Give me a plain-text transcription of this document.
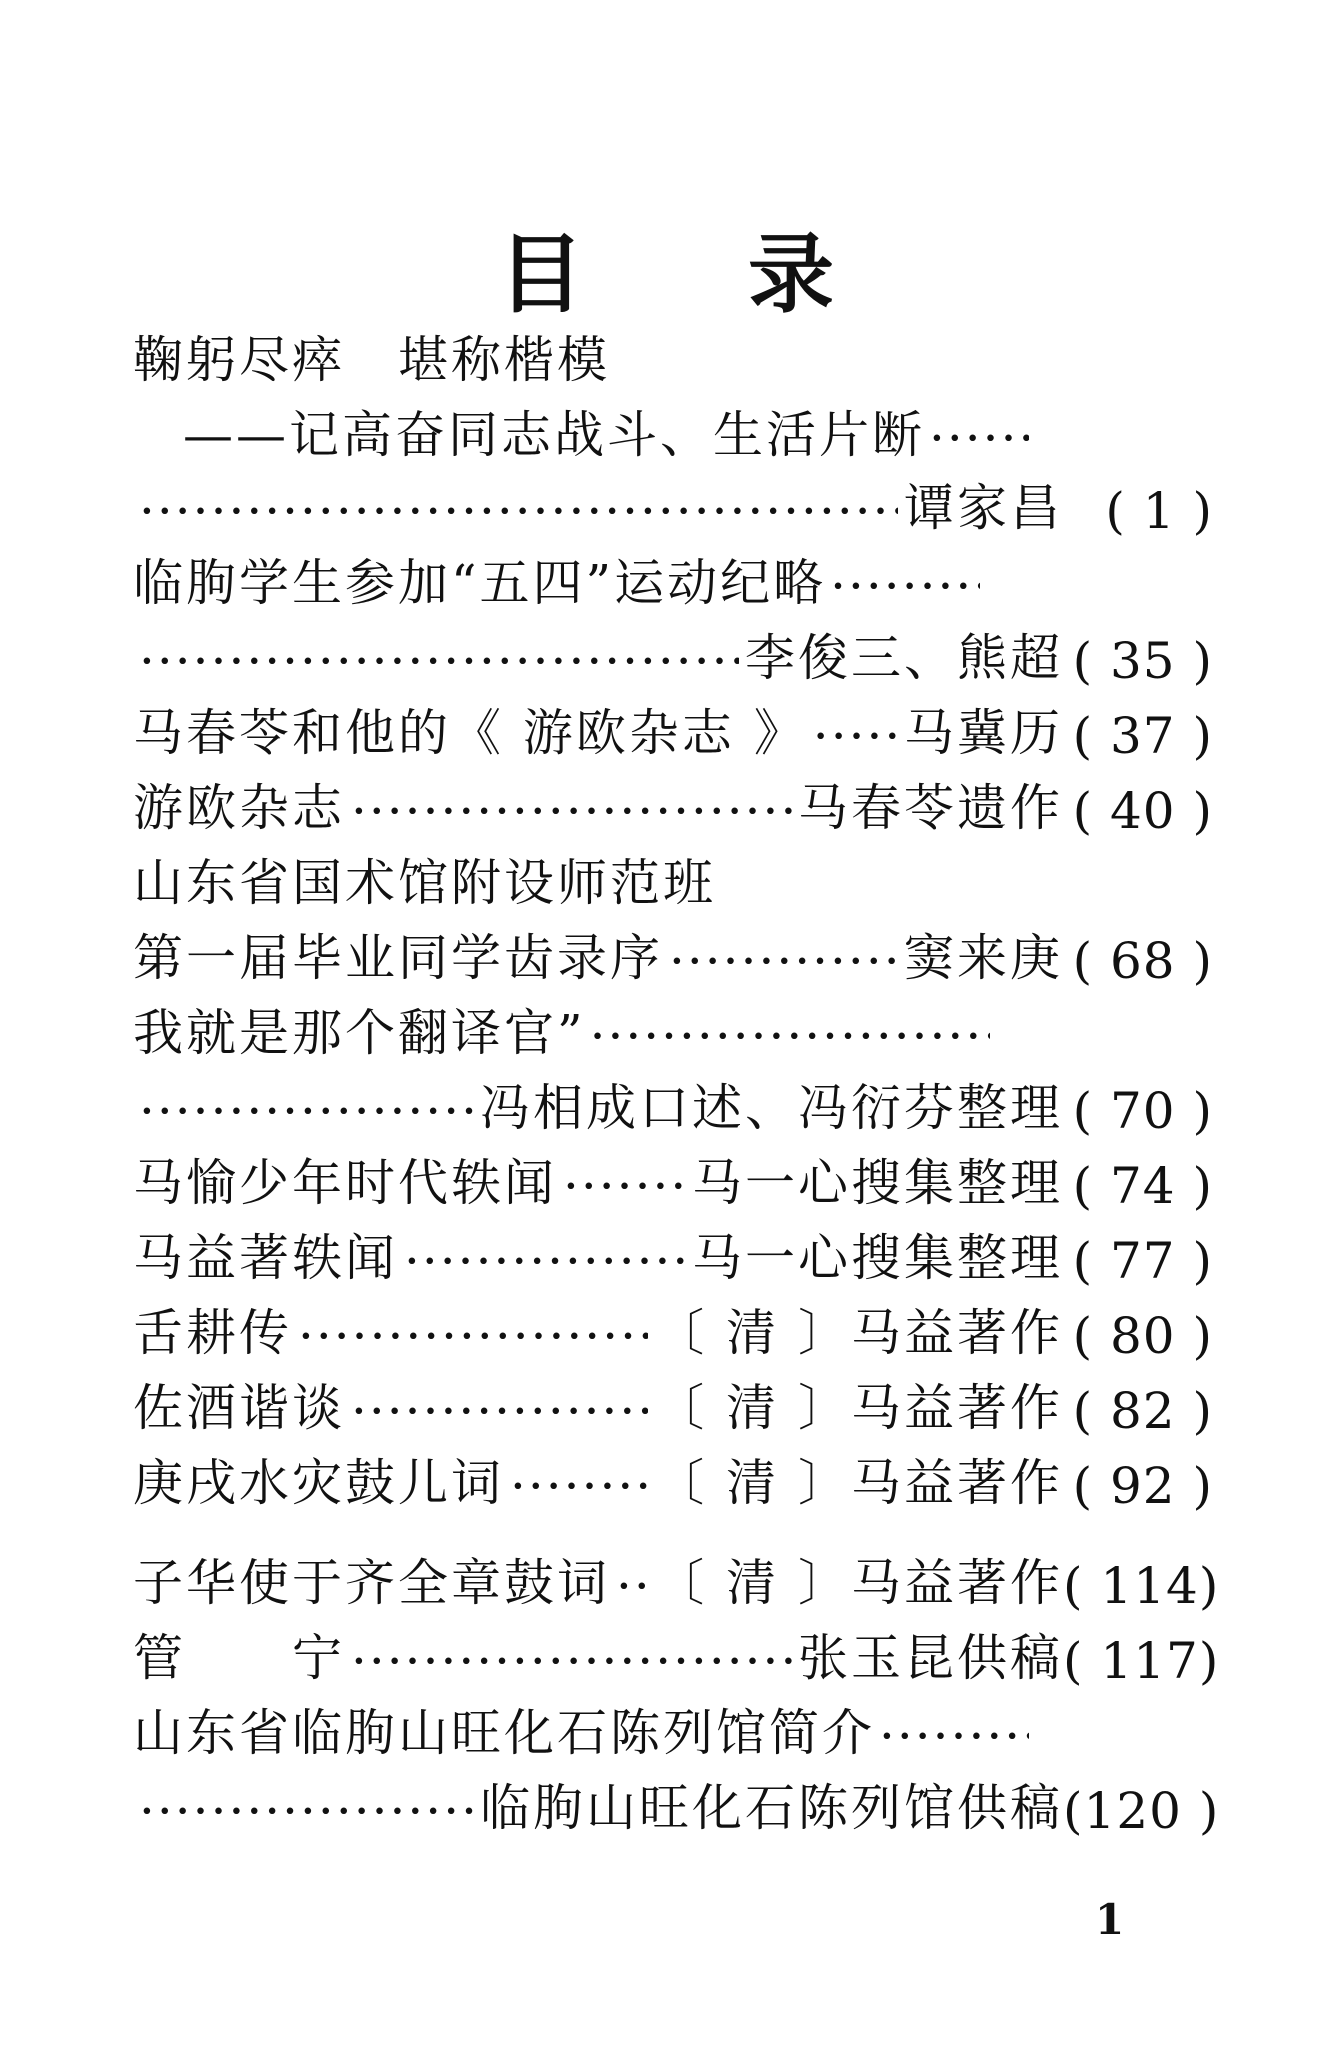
目 录
鞠躬尽瘁　堪称楷模
——记高奋同志战斗、生活片断
·····
·····
谭家昌 ( 1 )
临朐学生参加“五四”运动纪略
·····
·····
李俊三、熊超 ( 35 )
马春苓和他的《 游欧杂志 》 ····· 马冀历 ( 37 )
游欧杂志 ·····	马春苓遗作 ( 40 )
山东省国术馆附设师范班
第一届毕业同学齿录序 ·····	窦来庚 ( 68 )
我就是那个翻译官”
·····
·····
冯相成口述、冯衍芬整理 ( 70 )
马愉少年时代轶闻 ·····	马一心搜集整理 ( 74 )
马益著轶闻 ·····	马一心搜集整理 ( 77 )
舌耕传 ·····	〔 清 〕马益著作 ( 80 )
佐酒谐谈 ·····	〔 清 〕马益著作 ( 82 )
庚戌水灾鼓儿词 ·····	〔 清 〕马益著作 ( 92 )
子华使于齐全章鼓词 ····· 〔 清 〕马益著作 ( 114)
管　　宁 ·····	张玉昆供稿 ( 117)
山东省临朐山旺化石陈列馆简介
·····
·····
临朐山旺化石陈列馆供稿 (120 )
1
